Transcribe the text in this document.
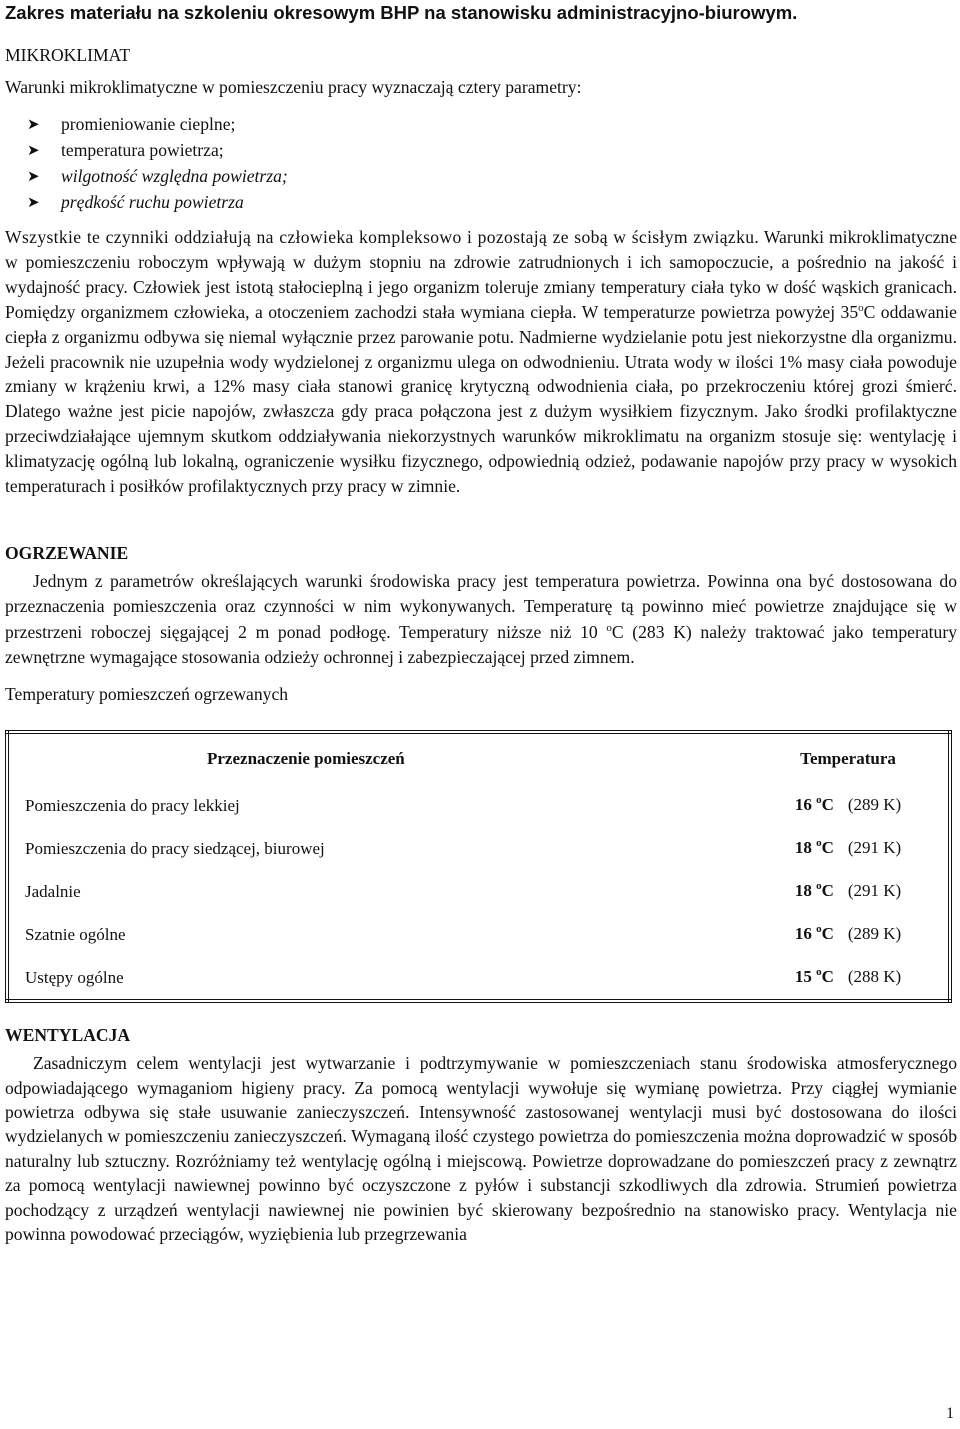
Zakres materiału na szkoleniu okresowym BHP na stanowisku administracyjno-biurowym.

MIKROKLIMAT

Warunki mikroklimatyczne w pomieszczeniu pracy wyznaczają cztery parametry:

➤ promieniowanie cieplne;
➤ temperatura powietrza;
➤ wilgotność względna powietrza;
➤ prędkość ruchu powietrza
Wszystkie te czynniki oddziałują na człowieka kompleksowo i pozostają ze sobą w ścisłym związku. Warunki mikroklimatyczne w pomieszczeniu roboczym wpływają w dużym stopniu na zdrowie zatrudnionych i ich samopoczucie, a pośrednio na jakość i wydajność pracy. Człowiek jest istotą stałocieplną i jego organizm toleruje zmiany temperatury ciała tyko w dość wąskich granicach. Pomiędzy organizmem człowieka, a otoczeniem zachodzi stała wymiana ciepła. W temperaturze powietrza powyżej 35$^o$C oddawanie ciepła z organizmu odbywa się niemal wyłącznie przez parowanie potu. Nadmierne wydzielanie potu jest niekorzystne dla organizmu. Jeżeli pracownik nie uzupełnia wody wydzielonej z organizmu ulega on odwodnieniu. Utrata wody w ilości 1% masy ciała powoduje zmiany w krążeniu krwi, a 12% masy ciała stanowi granicę krytyczną odwodnienia ciała, po przekroczeniu której grozi śmierć. Dlatego ważne jest picie napojów, zwłaszcza gdy praca połączona jest z dużym wysiłkiem fizycznym. Jako środki profilaktyczne przeciwdziałające ujemnym skutkom oddziaływania niekorzystnych warunków mikroklimatu na organizm stosuje się: wentylację i klimatyzację ogólną lub lokalną, ograniczenie wysiłku fizycznego, odpowiednią odzież, podawanie napojów przy pracy w wysokich temperaturach i posiłków profilaktycznych przy pracy w zimnie.

OGRZEWANIE

Jednym z parametrów określających warunki środowiska pracy jest temperatura powietrza. Powinna ona być dostosowana do przeznaczenia pomieszczenia oraz czynności w nim wykonywanych. Temperaturę tą powinno mieć powietrze znajdujące się w przestrzeni roboczej sięgającej 2 m ponad podłogę. Temperatury niższe niż 10 $^o$C (283 K) należy traktować jako temperatury zewnętrzne wymagające stosowania odzieży ochronnej i zabezpieczającej przed zimnem.

Temperatury pomieszczeń ogrzewanych

Przeznaczenie pomieszczeń	Temperatura
Pomieszczenia do pracy lekkiej	16 $^o$C (289 K)
Pomieszczenia do pracy siedzącej, biurowej	18 $^o$C (291 K)
Jadalnie	18 $^o$C (291 K)
Szatnie ogólne	16 $^o$C (289 K)
Ustępy ogólne	15 $^o$C (288 K)

WENTYLACJA

Zasadniczym celem wentylacji jest wytwarzanie i podtrzymywanie w pomieszczeniach stanu środowiska atmosferycznego odpowiadającego wymaganiom higieny pracy. Za pomocą wentylacji wywołuje się wymianę powietrza. Przy ciągłej wymianie powietrza odbywa się stałe usuwanie zanieczyszczeń. Intensywność zastosowanej wentylacji musi być dostosowana do ilości wydzielanych w pomieszczeniu zanieczyszczeń. Wymaganą ilość czystego powietrza do pomieszczenia można doprowadzić w sposób naturalny lub sztuczny. Rozróżniamy też wentylację ogólną i miejscową. Powietrze doprowadzane do pomieszczeń pracy z zewnątrz za pomocą wentylacji nawiewnej powinno być oczyszczone z pyłów i substancji szkodliwych dla zdrowia. Strumień powietrza pochodzący z urządzeń wentylacji nawiewnej nie powinien być skierowany bezpośrednio na stanowisko pracy. Wentylacja nie powinna powodować przeciągów, wyziębienia lub przegrzewania

1
